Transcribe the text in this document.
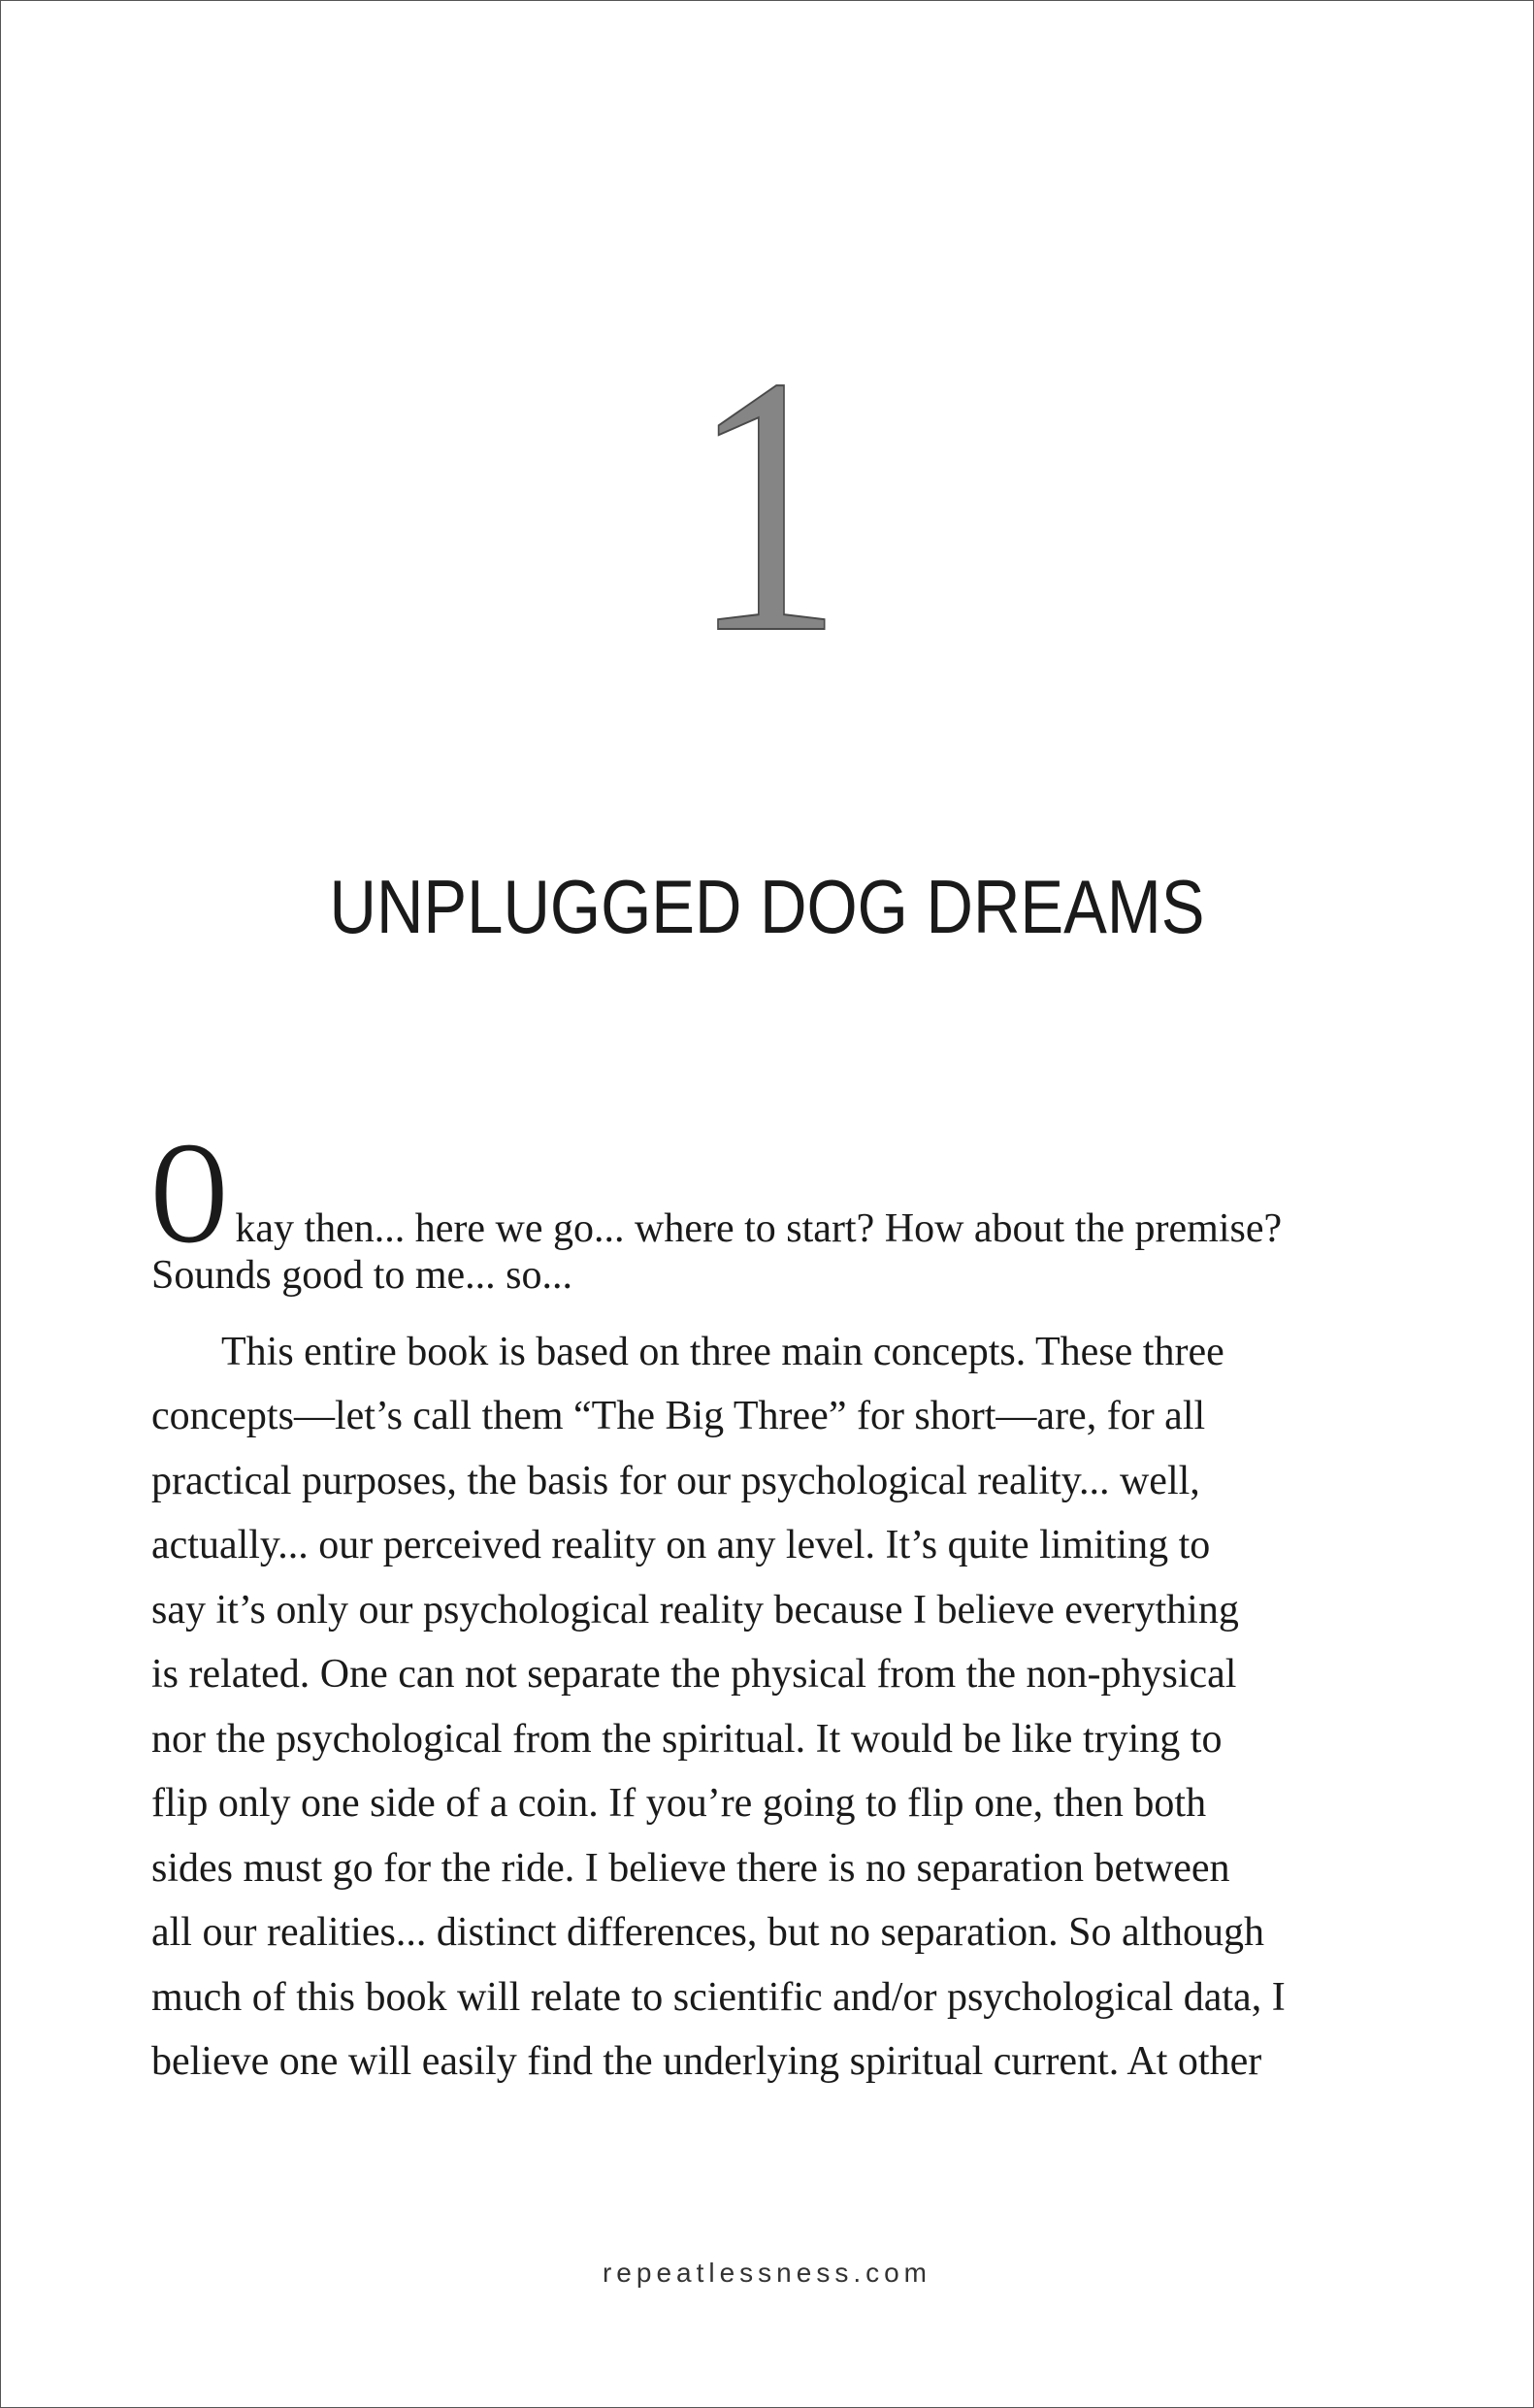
1
UNPLUGGED DOG DREAMS
Okay then... here we go... where to start? How about the premise?
Sounds good to me... so...
This entire book is based on three main concepts. These three
concepts—let’s call them “The Big Three” for short—are, for all
practical purposes, the basis for our psychological reality... well,
actually... our perceived reality on any level. It’s quite limiting to
say it’s only our psychological reality because I believe everything
is related. One can not separate the physical from the non-physical
nor the psychological from the spiritual. It would be like trying to
flip only one side of a coin. If you’re going to flip one, then both
sides must go for the ride. I believe there is no separation between
all our realities... distinct differences, but no separation. So although
much of this book will relate to scientific and/or psychological data, I
believe one will easily find the underlying spiritual current. At other
repeatlessness.com
